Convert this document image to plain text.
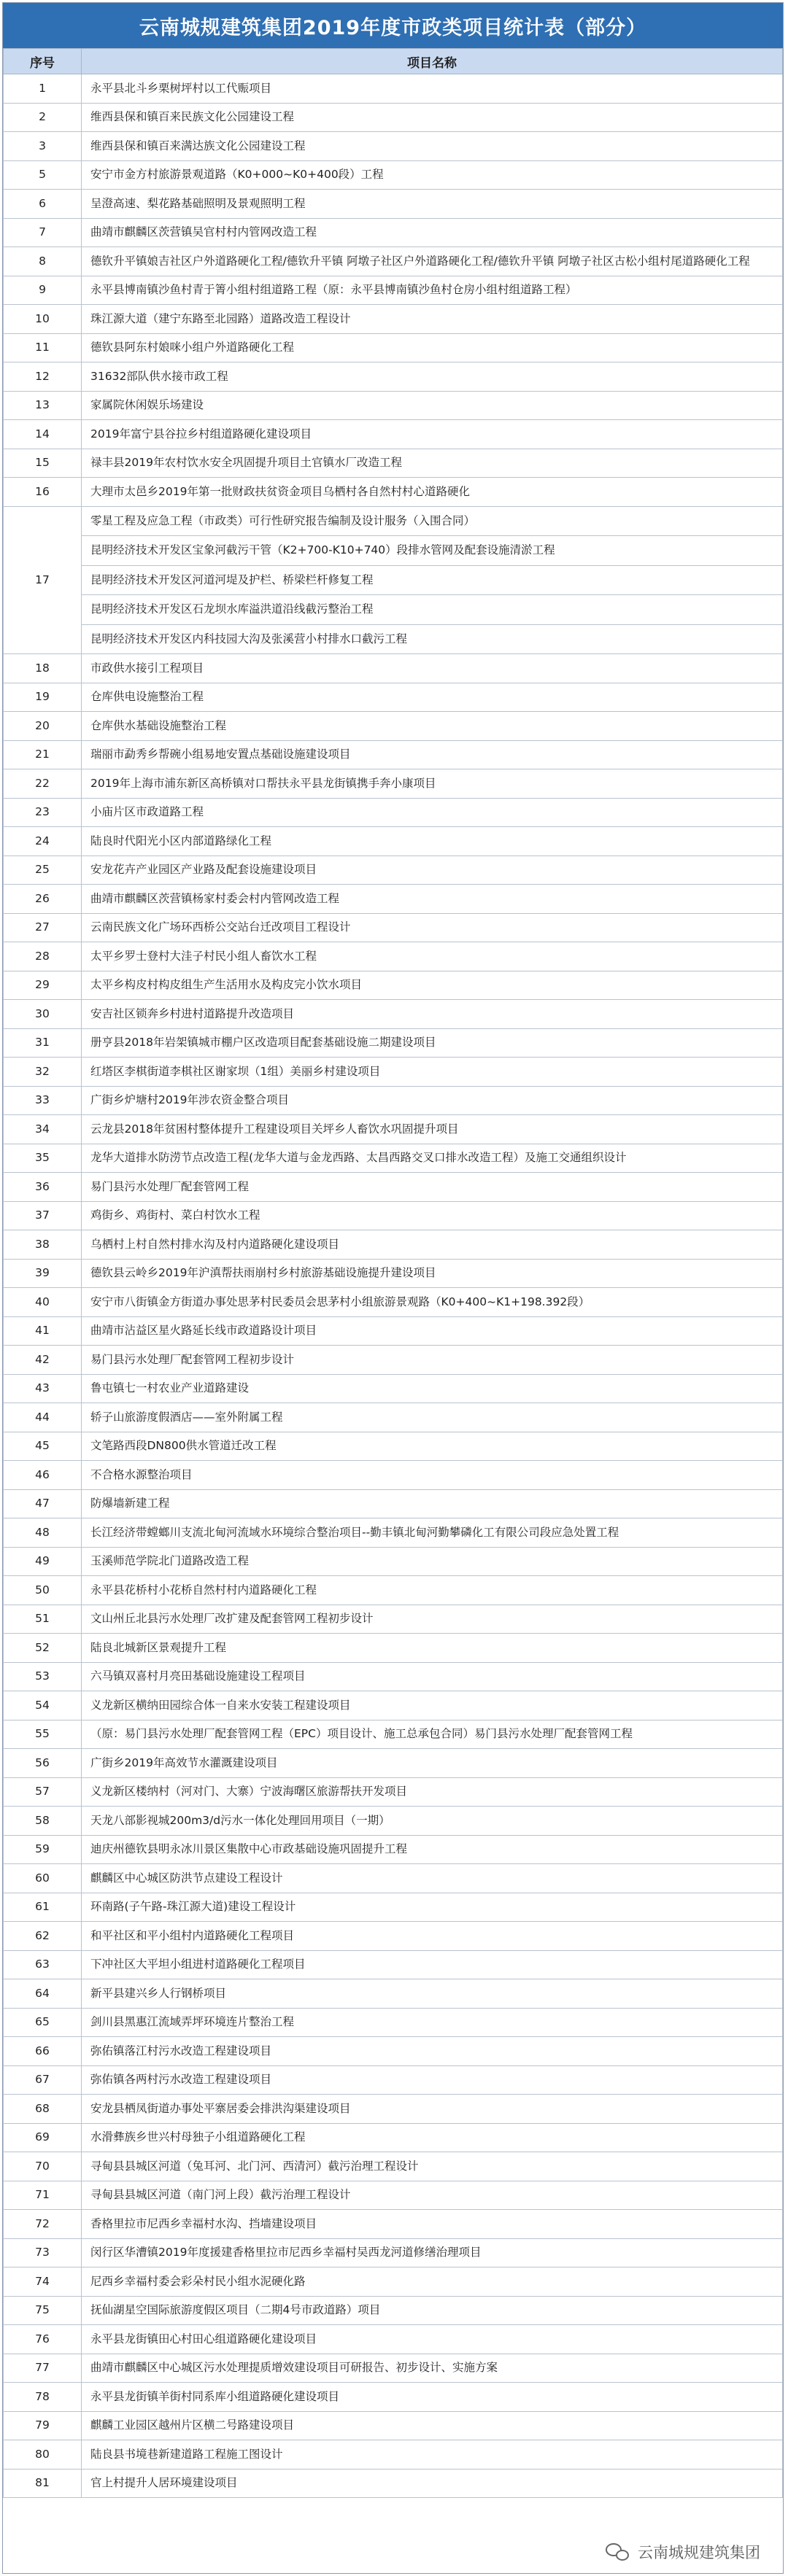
云南城规建筑集团2019年度市政类项目统计表（部分）
序号	项目名称
1	永平县北斗乡栗树坪村以工代赈项目
2	维西县保和镇百来民族文化公园建设工程
3	维西县保和镇百来满达族文化公园建设工程
5	安宁市金方村旅游景观道路（K0+000~K0+400段）工程
6	呈澄高速、梨花路基础照明及景观照明工程
7	曲靖市麒麟区茨营镇吴官村村内管网改造工程
8	德钦升平镇娘吉社区户外道路硬化工程/德钦升平镇 阿墩子社区户外道路硬化工程/德钦升平镇 阿墩子社区古松小组村尾道路硬化工程
9	永平县博南镇沙鱼村青于箐小组村组道路工程（原：永平县博南镇沙鱼村仓房小组村组道路工程）
10	珠江源大道（建宁东路至北园路）道路改造工程设计
11	德钦县阿东村娘咪小组户外道路硬化工程
12	31632部队供水接市政工程
13	家属院休闲娱乐场建设
14	2019年富宁县谷拉乡村组道路硬化建设项目
15	禄丰县2019年农村饮水安全巩固提升项目土官镇水厂改造工程
16	大理市太邑乡2019年第一批财政扶贫资金项目乌栖村各自然村村心道路硬化
17	零星工程及应急工程（市政类）可行性研究报告编制及设计服务（入围合同）
昆明经济技术开发区宝象河截污干管（K2+700-K10+740）段排水管网及配套设施清淤工程
昆明经济技术开发区河道河堤及护栏、桥梁栏杆修复工程
昆明经济技术开发区石龙坝水库溢洪道沿线截污整治工程
昆明经济技术开发区内科技园大沟及张溪营小村排水口截污工程

18	市政供水接引工程项目
19	仓库供电设施整治工程
20	仓库供水基础设施整治工程
21	瑞丽市勐秀乡帮碗小组易地安置点基础设施建设项目
22	2019年上海市浦东新区高桥镇对口帮扶永平县龙街镇携手奔小康项目
23	小庙片区市政道路工程
24	陆良时代阳光小区内部道路绿化工程
25	安龙花卉产业园区产业路及配套设施建设项目
26	曲靖市麒麟区茨营镇杨家村委会村内管网改造工程
27	云南民族文化广场环西桥公交站台迁改项目工程设计
28	太平乡罗士登村大洼子村民小组人畜饮水工程
29	太平乡构皮村构皮组生产生活用水及构皮完小饮水项目
30	安吉社区锁奔乡村进村道路提升改造项目
31	册亨县2018年岩架镇城市棚户区改造项目配套基础设施二期建设项目
32	红塔区李棋街道李棋社区谢家坝（1组）美丽乡村建设项目
33	广街乡炉塘村2019年涉农资金整合项目
34	云龙县2018年贫困村整体提升工程建设项目关坪乡人畜饮水巩固提升项目
35	龙华大道排水防涝节点改造工程(龙华大道与金龙西路、太昌西路交叉口排水改造工程）及施工交通组织设计
36	易门县污水处理厂配套管网工程
37	鸡街乡、鸡街村、菜白村饮水工程
38	乌栖村上村自然村排水沟及村内道路硬化建设项目
39	德钦县云岭乡2019年沪滇帮扶雨崩村乡村旅游基础设施提升建设项目
40	安宁市八街镇金方街道办事处思茅村民委员会思茅村小组旅游景观路（K0+400~K1+198.392段）
41	曲靖市沾益区星火路延长线市政道路设计项目
42	易门县污水处理厂配套管网工程初步设计
43	鲁屯镇七一村农业产业道路建设
44	轿子山旅游度假酒店——室外附属工程
45	文笔路西段DN800供水管道迁改工程
46	不合格水源整治项目
47	防爆墙新建工程
48	长江经济带螳螂川支流北甸河流域水环境综合整治项目--勤丰镇北甸河勤攀磷化工有限公司段应急处置工程
49	玉溪师范学院北门道路改造工程
50	永平县花桥村小花桥自然村村内道路硬化工程
51	文山州丘北县污水处理厂改扩建及配套管网工程初步设计
52	陆良北城新区景观提升工程
53	六马镇双喜村月亮田基础设施建设工程项目
54	义龙新区横纳田园综合体一自来水安装工程建设项目
55	（原：易门县污水处理厂配套管网工程（EPC）项目设计、施工总承包合同）易门县污水处理厂配套管网工程
56	广街乡2019年高效节水灌溉建设项目
57	义龙新区楼纳村（河对门、大寨）宁波海曙区旅游帮扶开发项目
58	天龙八部影视城200m3/d污水一体化处理回用项目（一期）
59	迪庆州德钦县明永冰川景区集散中心市政基础设施巩固提升工程
60	麒麟区中心城区防洪节点建设工程设计
61	环南路(子午路-珠江源大道)建设工程设计
62	和平社区和平小组村内道路硬化工程项目
63	下冲社区大平坦小组进村道路硬化工程项目
64	新平县建兴乡人行钢桥项目
65	剑川县黑惠江流域弄坪环境连片整治工程
66	弥佑镇落江村污水改造工程建设项目
67	弥佑镇各两村污水改造工程建设项目
68	安龙县栖凤街道办事处平寨居委会排洪沟渠建设项目
69	水滑彝族乡世兴村母独子小组道路硬化工程
70	寻甸县县城区河道（兔耳河、北门河、西清河）截污治理工程设计
71	寻甸县县城区河道（南门河上段）截污治理工程设计
72	香格里拉市尼西乡幸福村水沟、挡墙建设项目
73	闵行区华漕镇2019年度援建香格里拉市尼西乡幸福村吴西龙河道修缮治理项目
74	尼西乡幸福村委会彩朵村民小组水泥硬化路
75	抚仙湖星空国际旅游度假区项目（二期4号市政道路）项目
76	永平县龙街镇田心村田心组道路硬化建设项目
77	曲靖市麒麟区中心城区污水处理提质增效建设项目可研报告、初步设计、实施方案
78	永平县龙街镇羊街村同系库小组道路硬化建设项目
79	麒麟工业园区越州片区横二号路建设项目
80	陆良县书境巷新建道路工程施工图设计
81	官上村提升人居环境建设项目
云南城规建筑集团
